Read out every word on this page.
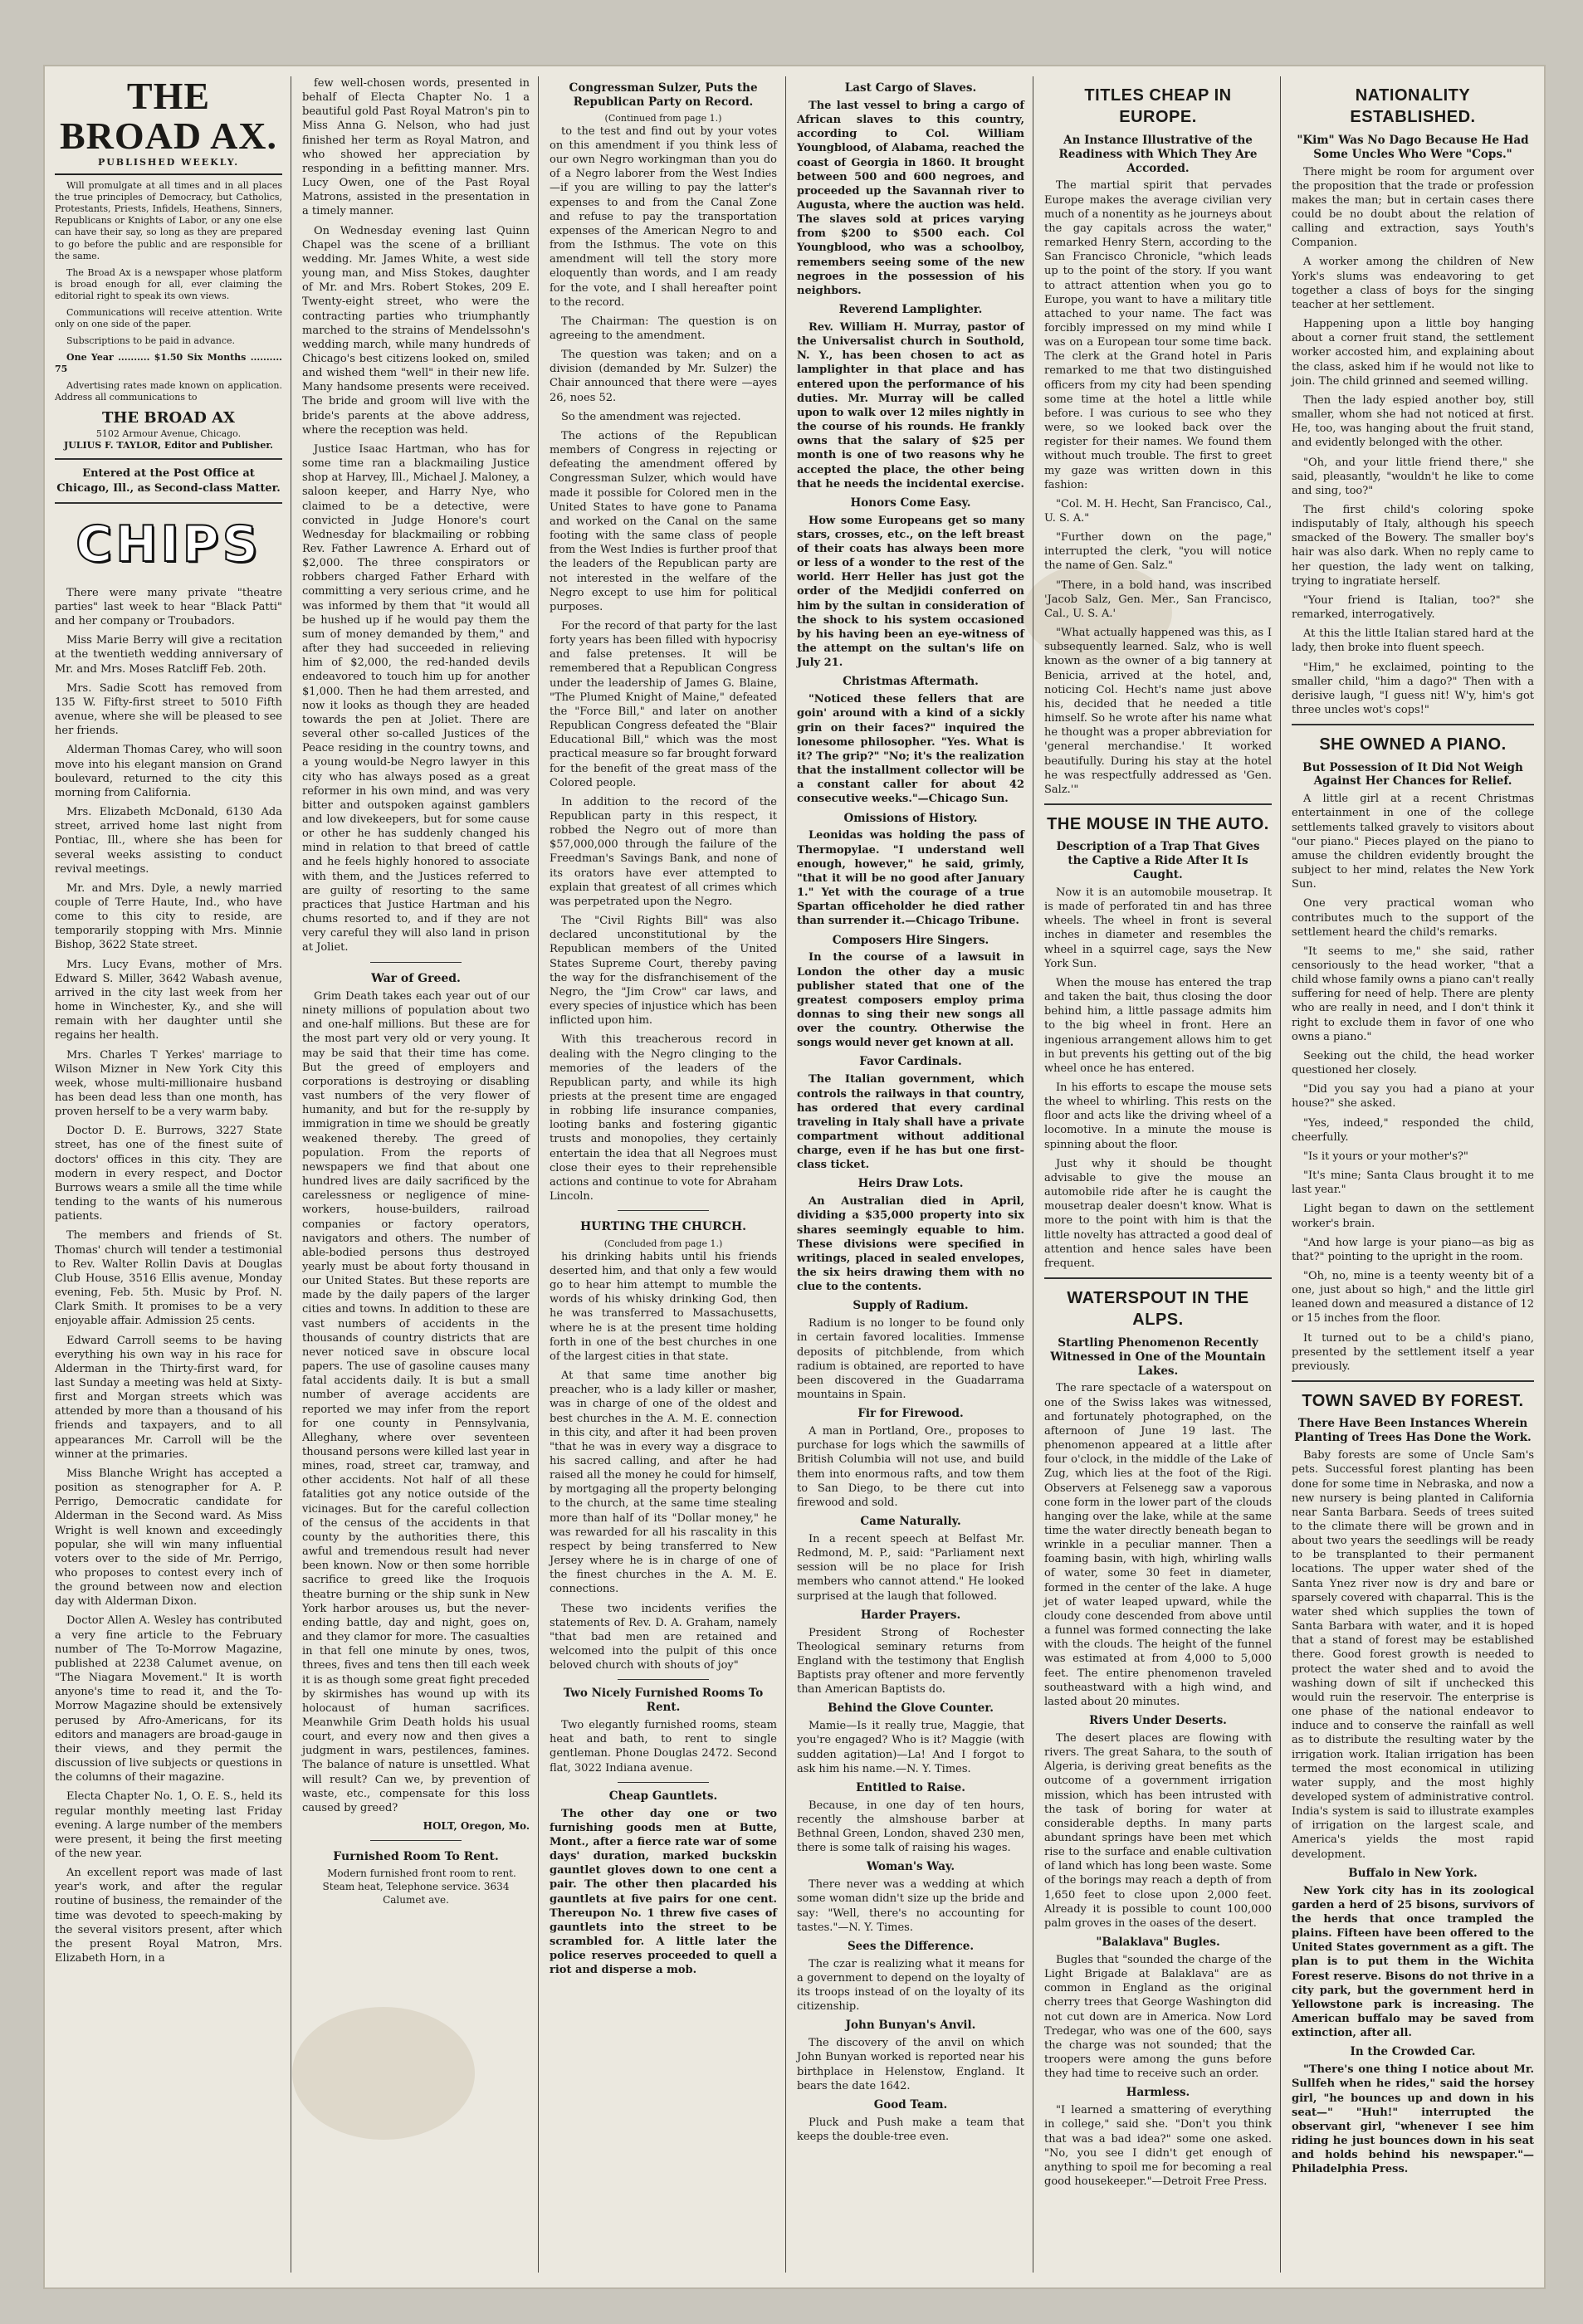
THE BROAD AX.
PUBLISHED WEEKLY.

Will promulgate at all times and in all places the true principles of Democracy, but Catholics, Protestants, Priests, Infidels, Heathens, Sinners, Republicans or Knights of Labor, or any one else can have their say, so long as they are prepared to go before the public and are responsible for the same.

The Broad Ax is a newspaper whose platform is broad enough for all, ever claiming the editorial right to speak its own views.

Communications will receive attention. Write only on one side of the paper.

Subscriptions to be paid in advance.

One Year .......... $1.50 Six Months .......... 75

Advertising rates made known on application. Address all communications to

THE BROAD AX
5102 Armour Avenue, Chicago.
JULIUS F. TAYLOR, Editor and Publisher.
Entered at the Post Office at Chicago, Ill., as Second-class Matter.
CHIPS

There were many private "theatre parties" last week to hear "Black Patti" and her company or Troubadors.

Miss Marie Berry will give a recitation at the twentieth wedding anniversary of Mr. and Mrs. Moses Ratcliff Feb. 20th.

Mrs. Sadie Scott has removed from 135 W. Fifty-first street to 5010 Fifth avenue, where she will be pleased to see her friends.

Alderman Thomas Carey, who will soon move into his elegant mansion on Grand boulevard, returned to the city this morning from California.

Mrs. Elizabeth McDonald, 6130 Ada street, arrived home last night from Pontiac, Ill., where she has been for several weeks assisting to conduct revival meetings.

Mr. and Mrs. Dyle, a newly married couple of Terre Haute, Ind., who have come to this city to reside, are temporarily stopping with Mrs. Minnie Bishop, 3622 State street.

Mrs. Lucy Evans, mother of Mrs. Edward S. Miller, 3642 Wabash avenue, arrived in the city last week from her home in Winchester, Ky., and she will remain with her daughter until she regains her health.

Mrs. Charles T Yerkes' marriage to Wilson Mizner in New York City this week, whose multi-millionaire husband has been dead less than one month, has proven herself to be a very warm baby.

Doctor D. E. Burrows, 3227 State street, has one of the finest suite of doctors' offices in this city. They are modern in every respect, and Doctor Burrows wears a smile all the time while tending to the wants of his numerous patients.

The members and friends of St. Thomas' church will tender a testimonial to Rev. Walter Rollin Davis at Douglas Club House, 3516 Ellis avenue, Monday evening, Feb. 5th. Music by Prof. N. Clark Smith. It promises to be a very enjoyable affair. Admission 25 cents.

Edward Carroll seems to be having everything his own way in his race for Alderman in the Thirty-first ward, for last Sunday a meeting was held at Sixty-first and Morgan streets which was attended by more than a thousand of his friends and taxpayers, and to all appearances Mr. Carroll will be the winner at the primaries.

Miss Blanche Wright has accepted a position as stenographer for A. P. Perrigo, Democratic candidate for Alderman in the Second ward. As Miss Wright is well known and exceedingly popular, she will win many influential voters over to the side of Mr. Perrigo, who proposes to contest every inch of the ground between now and election day with Alderman Dixon.

Doctor Allen A. Wesley has contributed a very fine article to the February number of The To-Morrow Magazine, published at 2238 Calumet avenue, on "The Niagara Movement." It is worth anyone's time to read it, and the To-Morrow Magazine should be extensively perused by Afro-Americans, for its editors and managers are broad-gauge in their views, and they permit the discussion of live subjects or questions in the columns of their magazine.

Electa Chapter No. 1, O. E. S., held its regular monthly meeting last Friday evening. A large number of the members were present, it being the first meeting of the new year.

An excellent report was made of last year's work, and after the regular routine of business, the remainder of the time was devoted to speech-making by the several visitors present, after which the present Royal Matron, Mrs. Elizabeth Horn, in a

few well-chosen words, presented in behalf of Electa Chapter No. 1 a beautiful gold Past Royal Matron's pin to Miss Anna G. Nelson, who had just finished her term as Royal Matron, and who showed her appreciation by responding in a befitting manner. Mrs. Lucy Owen, one of the Past Royal Matrons, assisted in the presentation in a timely manner.

On Wednesday evening last Quinn Chapel was the scene of a brilliant wedding. Mr. James White, a west side young man, and Miss Stokes, daughter of Mr. and Mrs. Robert Stokes, 209 E. Twenty-eight street, who were the contracting parties who triumphantly marched to the strains of Mendelssohn's wedding march, while many hundreds of Chicago's best citizens looked on, smiled and wished them "well" in their new life. Many handsome presents were received. The bride and groom will live with the bride's parents at the above address, where the reception was held.

Justice Isaac Hartman, who has for some time ran a blackmailing Justice shop at Harvey, Ill., Michael J. Maloney, a saloon keeper, and Harry Nye, who claimed to be a detective, were convicted in Judge Honore's court Wednesday for blackmailing or robbing Rev. Father Lawrence A. Erhard out of $2,000. The three conspirators or robbers charged Father Erhard with committing a very serious crime, and he was informed by them that "it would all be hushed up if he would pay them the sum of money demanded by them," and after they had succeeded in relieving him of $2,000, the red-handed devils endeavored to touch him up for another $1,000. Then he had them arrested, and now it looks as though they are headed towards the pen at Joliet. There are several other so-called Justices of the Peace residing in the country towns, and a young would-be Negro lawyer in this city who has always posed as a great reformer in his own mind, and was very bitter and outspoken against gamblers and low divekeepers, but for some cause or other he has suddenly changed his mind in relation to that breed of cattle and he feels highly honored to associate with them, and the Justices referred to are guilty of resorting to the same practices that Justice Hartman and his chums resorted to, and if they are not very careful they will also land in prison at Joliet.

War of Greed.

Grim Death takes each year out of our ninety millions of population about two and one-half millions. But these are for the most part very old or very young. It may be said that their time has come. But the greed of employers and corporations is destroying or disabling vast numbers of the very flower of humanity, and but for the re-supply by immigration in time we should be greatly weakened thereby. The greed of population. From the reports of newspapers we find that about one hundred lives are daily sacrificed by the carelessness or negligence of mine-workers, house-builders, railroad companies or factory operators, navigators and others. The number of able-bodied persons thus destroyed yearly must be about forty thousand in our United States. But these reports are made by the daily papers of the larger cities and towns. In addition to these are vast numbers of accidents in the thousands of country districts that are never noticed save in obscure local papers. The use of gasoline causes many fatal accidents daily. It is but a small number of average accidents are reported we may infer from the report for one county in Pennsylvania, Alleghany, where over seventeen thousand persons were killed last year in mines, road, street car, tramway, and other accidents. Not half of all these fatalities got any notice outside of the vicinages. But for the careful collection of the census of the accidents in that county by the authorities there, this awful and tremendous result had never been known. Now or then some horrible sacrifice to greed like the Iroquois theatre burning or the ship sunk in New York harbor arouses us, but the never-ending battle, day and night, goes on, and they clamor for more. The casualties in that fell one minute by ones, twos, threes, fives and tens then till each week it is as though some great fight preceded by skirmishes has wound up with its holocaust of human sacrifices. Meanwhile Grim Death holds his usual court, and every now and then gives a judgment in wars, pestilences, famines. The balance of nature is unsettled. What will result? Can we, by prevention of waste, etc., compensate for this loss caused by greed?

HOLT, Oregon, Mo.
Furnished Room To Rent.

Modern furnished front room to rent. Steam heat, Telephone service. 3634 Calumet ave.

Congressman Sulzer, Puts the Republican Party on Record.
(Continued from page 1.)

to the test and find out by your votes on this amendment if you think less of our own Negro workingman than you do of a Negro laborer from the West Indies—if you are willing to pay the latter's expenses to and from the Canal Zone and refuse to pay the transportation expenses of the American Negro to and from the Isthmus. The vote on this amendment will tell the story more eloquently than words, and I am ready for the vote, and I shall hereafter point to the record.

The Chairman: The question is on agreeing to the amendment.

The question was taken; and on a division (demanded by Mr. Sulzer) the Chair announced that there were —ayes 26, noes 52.

So the amendment was rejected.

The actions of the Republican members of Congress in rejecting or defeating the amendment offered by Congressman Sulzer, which would have made it possible for Colored men in the United States to have gone to Panama and worked on the Canal on the same footing with the same class of people from the West Indies is further proof that the leaders of the Republican party are not interested in the welfare of the Negro except to use him for political purposes.

For the record of that party for the last forty years has been filled with hypocrisy and false pretenses. It will be remembered that a Republican Congress under the leadership of James G. Blaine, "The Plumed Knight of Maine," defeated the "Force Bill," and later on another Republican Congress defeated the "Blair Educational Bill," which was the most practical measure so far brought forward for the benefit of the great mass of the Colored people.

In addition to the record of the Republican party in this respect, it robbed the Negro out of more than $57,000,000 through the failure of the Freedman's Savings Bank, and none of its orators have ever attempted to explain that greatest of all crimes which was perpetrated upon the Negro.

The "Civil Rights Bill" was also declared unconstitutional by the Republican members of the United States Supreme Court, thereby paving the way for the disfranchisement of the Negro, the "Jim Crow" car laws, and every species of injustice which has been inflicted upon him.

With this treacherous record in dealing with the Negro clinging to the memories of the leaders of the Republican party, and while its high priests at the present time are engaged in robbing life insurance companies, looting banks and fostering gigantic trusts and monopolies, they certainly entertain the idea that all Negroes must close their eyes to their reprehensible actions and continue to vote for Abraham Lincoln.

HURTING THE CHURCH.
(Concluded from page 1.)

his drinking habits until his friends deserted him, and that only a few would go to hear him attempt to mumble the words of his whisky drinking God, then he was transferred to Massachusetts, where he is at the present time holding forth in one of the best churches in one of the largest cities in that state.

At that same time another big preacher, who is a lady killer or masher, was in charge of one of the oldest and best churches in the A. M. E. connection in this city, and after it had been proven "that he was in every way a disgrace to his sacred calling, and after he had raised all the money he could for himself, by mortgaging all the property belonging to the church, at the same time stealing more than half of its "Dollar money," he was rewarded for all his rascality in this respect by being transferred to New Jersey where he is in charge of one of the finest churches in the A. M. E. connections.

These two incidents verifies the statements of Rev. D. A. Graham, namely "that bad men are retained and welcomed into the pulpit of this once beloved church with shouts of joy"

Two Nicely Furnished Rooms To Rent.

Two elegantly furnished rooms, steam heat and bath, to rent to single gentleman. Phone Douglas 2472. Second flat, 3022 Indiana avenue.

Cheap Gauntlets.

The other day one or two furnishing goods men at Butte, Mont., after a fierce rate war of some days' duration, marked buckskin gauntlet gloves down to one cent a pair. The other then placarded his gauntlets at five pairs for one cent. Thereupon No. 1 threw five cases of gauntlets into the street to be scrambled for. A little later the police reserves proceeded to quell a riot and disperse a mob.

Last Cargo of Slaves.

The last vessel to bring a cargo of African slaves to this country, according to Col. William Youngblood, of Alabama, reached the coast of Georgia in 1860. It brought between 500 and 600 negroes, and proceeded up the Savannah river to Augusta, where the auction was held. The slaves sold at prices varying from $200 to $500 each. Col Youngblood, who was a schoolboy, remembers seeing some of the new negroes in the possession of his neighbors.

Reverend Lamplighter.

Rev. William H. Murray, pastor of the Universalist church in Southold, N. Y., has been chosen to act as lamplighter in that place and has entered upon the performance of his duties. Mr. Murray will be called upon to walk over 12 miles nightly in the course of his rounds. He frankly owns that the salary of $25 per month is one of two reasons why he accepted the place, the other being that he needs the incidental exercise.

Honors Come Easy.

How some Europeans get so many stars, crosses, etc., on the left breast of their coats has always been more or less of a wonder to the rest of the world. Herr Heller has just got the order of the Medjidi conferred on him by the sultan in consideration of the shock to his system occasioned by his having been an eye-witness of the attempt on the sultan's life on July 21.

Christmas Aftermath.

"Noticed these fellers that are goin' around with a kind of a sickly grin on their faces?" inquired the lonesome philosopher. "Yes. What is it? The grip?" "No; it's the realization that the installment collector will be a constant caller for about 42 consecutive weeks."—Chicago Sun.

Omissions of History.

Leonidas was holding the pass of Thermopylae. "I understand well enough, however," he said, grimly, "that it will be no good after January 1." Yet with the courage of a true Spartan officeholder he died rather than surrender it.—Chicago Tribune.

Composers Hire Singers.

In the course of a lawsuit in London the other day a music publisher stated that one of the greatest composers employ prima donnas to sing their new songs all over the country. Otherwise the songs would never get known at all.

Favor Cardinals.

The Italian government, which controls the railways in that country, has ordered that every cardinal traveling in Italy shall have a private compartment without additional charge, even if he has but one first-class ticket.

Heirs Draw Lots.

An Australian died in April, dividing a $35,000 property into six shares seemingly equable to him. These divisions were specified in writings, placed in sealed envelopes, the six heirs drawing them with no clue to the contents.

Supply of Radium.

Radium is no longer to be found only in certain favored localities. Immense deposits of pitchblende, from which radium is obtained, are reported to have been discovered in the Guadarrama mountains in Spain.

Fir for Firewood.

A man in Portland, Ore., proposes to purchase for logs which the sawmills of British Columbia will not use, and build them into enormous rafts, and tow them to San Diego, to be there cut into firewood and sold.

Came Naturally.

In a recent speech at Belfast Mr. Redmond, M. P., said: "Parliament next session will be no place for Irish members who cannot attend." He looked surprised at the laugh that followed.

Harder Prayers.

President Strong of Rochester Theological seminary returns from England with the testimony that English Baptists pray oftener and more fervently than American Baptists do.

Behind the Glove Counter.

Mamie—Is it really true, Maggie, that you're engaged? Who is it? Maggie (with sudden agitation)—La! And I forgot to ask him his name.—N. Y. Times.

Entitled to Raise.

Because, in one day of ten hours, recently the almshouse barber at Bethnal Green, London, shaved 230 men, there is some talk of raising his wages.

Woman's Way.

There never was a wedding at which some woman didn't size up the bride and say: "Well, there's no accounting for tastes."—N. Y. Times.

Sees the Difference.

The czar is realizing what it means for a government to depend on the loyalty of its troops instead of on the loyalty of its citizenship.

John Bunyan's Anvil.

The discovery of the anvil on which John Bunyan worked is reported near his birthplace in Helenstow, England. It bears the date 1642.

Good Team.

Pluck and Push make a team that keeps the double-tree even.

TITLES CHEAP IN EUROPE.
An Instance Illustrative of the Readiness with Which They Are Accorded.

The martial spirit that pervades Europe makes the average civilian very much of a nonentity as he journeys about the gay capitals across the water," remarked Henry Stern, according to the San Francisco Chronicle, "which leads up to the point of the story. If you want to attract attention when you go to Europe, you want to have a military title attached to your name. The fact was forcibly impressed on my mind while I was on a European tour some time back. The clerk at the Grand hotel in Paris remarked to me that two distinguished officers from my city had been spending some time at the hotel a little while before. I was curious to see who they were, so we looked back over the register for their names. We found them without much trouble. The first to greet my gaze was written down in this fashion:

"Col. M. H. Hecht, San Francisco, Cal., U. S. A."

"Further down on the page," interrupted the clerk, "you will notice the name of Gen. Salz."

"There, in a bold hand, was inscribed 'Jacob Salz, Gen. Mer., San Francisco, Cal., U. S. A.'

"What actually happened was this, as I subsequently learned. Salz, who is well known as the owner of a big tannery at Benicia, arrived at the hotel, and, noticing Col. Hecht's name just above his, decided that he needed a title himself. So he wrote after his name what he thought was a proper abbreviation for 'general merchandise.' It worked beautifully. During his stay at the hotel he was respectfully addressed as 'Gen. Salz.'"

THE MOUSE IN THE AUTO.
Description of a Trap That Gives the Captive a Ride After It Is Caught.

Now it is an automobile mousetrap. It is made of perforated tin and has three wheels. The wheel in front is several inches in diameter and resembles the wheel in a squirrel cage, says the New York Sun.

When the mouse has entered the trap and taken the bait, thus closing the door behind him, a little passage admits him to the big wheel in front. Here an ingenious arrangement allows him to get in but prevents his getting out of the big wheel once he has entered.

In his efforts to escape the mouse sets the wheel to whirling. This rests on the floor and acts like the driving wheel of a locomotive. In a minute the mouse is spinning about the floor.

Just why it should be thought advisable to give the mouse an automobile ride after he is caught the mousetrap dealer doesn't know. What is more to the point with him is that the little novelty has attracted a good deal of attention and hence sales have been frequent.

WATERSPOUT IN THE ALPS.
Startling Phenomenon Recently Witnessed in One of the Mountain Lakes.

The rare spectacle of a waterspout on one of the Swiss lakes was witnessed, and fortunately photographed, on the afternoon of June 19 last. The phenomenon appeared at a little after four o'clock, in the middle of the Lake of Zug, which lies at the foot of the Rigi. Observers at Felsenegg saw a vaporous cone form in the lower part of the clouds hanging over the lake, while at the same time the water directly beneath began to wrinkle in a peculiar manner. Then a foaming basin, with high, whirling walls of water, some 30 feet in diameter, formed in the center of the lake. A huge jet of water leaped upward, while the cloudy cone descended from above until a funnel was formed connecting the lake with the clouds. The height of the funnel was estimated at from 4,000 to 5,000 feet. The entire phenomenon traveled southeastward with a high wind, and lasted about 20 minutes.

Rivers Under Deserts.

The desert places are flowing with rivers. The great Sahara, to the south of Algeria, is deriving great benefits as the outcome of a government irrigation mission, which has been intrusted with the task of boring for water at considerable depths. In many parts abundant springs have been met which rise to the surface and enable cultivation of land which has long been waste. Some of the borings may reach a depth of from 1,650 feet to close upon 2,000 feet. Already it is possible to count 100,000 palm groves in the oases of the desert.

"Balaklava" Bugles.

Bugles that "sounded the charge of the Light Brigade at Balaklava" are as common in England as the original cherry trees that George Washington did not cut down are in America. Now Lord Tredegar, who was one of the 600, says the charge was not sounded; that the troopers were among the guns before they had time to receive such an order.

Harmless.

"I learned a smattering of everything in college," said she. "Don't you think that was a bad idea?" some one asked. "No, you see I didn't get enough of anything to spoil me for becoming a real good housekeeper."—Detroit Free Press.

NATIONALITY ESTABLISHED.
"Kim" Was No Dago Because He Had Some Uncles Who Were "Cops."

There might be room for argument over the proposition that the trade or profession makes the man; but in certain cases there could be no doubt about the relation of calling and extraction, says Youth's Companion.

A worker among the children of New York's slums was endeavoring to get together a class of boys for the singing teacher at her settlement.

Happening upon a little boy hanging about a corner fruit stand, the settlement worker accosted him, and explaining about the class, asked him if he would not like to join. The child grinned and seemed willing.

Then the lady espied another boy, still smaller, whom she had not noticed at first. He, too, was hanging about the fruit stand, and evidently belonged with the other.

"Oh, and your little friend there," she said, pleasantly, "wouldn't he like to come and sing, too?"

The first child's coloring spoke indisputably of Italy, although his speech smacked of the Bowery. The smaller boy's hair was also dark. When no reply came to her question, the lady went on talking, trying to ingratiate herself.

"Your friend is Italian, too?" she remarked, interrogatively.

At this the little Italian stared hard at the lady, then broke into fluent speech.

"Him," he exclaimed, pointing to the smaller child, "him a dago?" Then with a derisive laugh, "I guess nit! W'y, him's got three uncles wot's cops!"

SHE OWNED A PIANO.
But Possession of It Did Not Weigh Against Her Chances for Relief.

A little girl at a recent Christmas entertainment in one of the college settlements talked gravely to visitors about "our piano." Pieces played on the piano to amuse the children evidently brought the subject to her mind, relates the New York Sun.

One very practical woman who contributes much to the support of the settlement heard the child's remarks.

"It seems to me," she said, rather censoriously to the head worker, "that a child whose family owns a piano can't really suffering for need of help. There are plenty who are really in need, and I don't think it right to exclude them in favor of one who owns a piano."

Seeking out the child, the head worker questioned her closely.

"Did you say you had a piano at your house?" she asked.

"Yes, indeed," responded the child, cheerfully.

"Is it yours or your mother's?"

"It's mine; Santa Claus brought it to me last year."

Light began to dawn on the settlement worker's brain.

"And how large is your piano—as big as that?" pointing to the upright in the room.

"Oh, no, mine is a teenty weenty bit of a one, just about so high," and the little girl leaned down and measured a distance of 12 or 15 inches from the floor.

It turned out to be a child's piano, presented by the settlement itself a year previously.

TOWN SAVED BY FOREST.
There Have Been Instances Wherein Planting of Trees Has Done the Work.

Baby forests are some of Uncle Sam's pets. Successful forest planting has been done for some time in Nebraska, and now a new nursery is being planted in California near Santa Barbara. Seeds of trees suited to the climate there will be grown and in about two years the seedlings will be ready to be transplanted to their permanent locations. The upper water shed of the Santa Ynez river now is dry and bare or sparsely covered with chaparral. This is the water shed which supplies the town of Santa Barbara with water, and it is hoped that a stand of forest may be established there. Good forest growth is needed to protect the water shed and to avoid the washing down of silt if unchecked this would ruin the reservoir. The enterprise is one phase of the national endeavor to induce and to conserve the rainfall as well as to distribute the resulting water by the irrigation work. Italian irrigation has been termed the most economical in utilizing water supply, and the most highly developed system of administrative control. India's system is said to illustrate examples of irrigation on the largest scale, and America's yields the most rapid development.

Buffalo in New York.

New York city has in its zoological garden a herd of 25 bisons, survivors of the herds that once trampled the plains. Fifteen have been offered to the United States government as a gift. The plan is to put them in the Wichita Forest reserve. Bisons do not thrive in a city park, but the government herd in Yellowstone park is increasing. The American buffalo may be saved from extinction, after all.

In the Crowded Car.

"There's one thing I notice about Mr. Sullfeh when he rides," said the horsey girl, "he bounces up and down in his seat—" "Huh!" interrupted the observant girl, "whenever I see him riding he just bounces down in his seat and holds behind his newspaper."—Philadelphia Press.
